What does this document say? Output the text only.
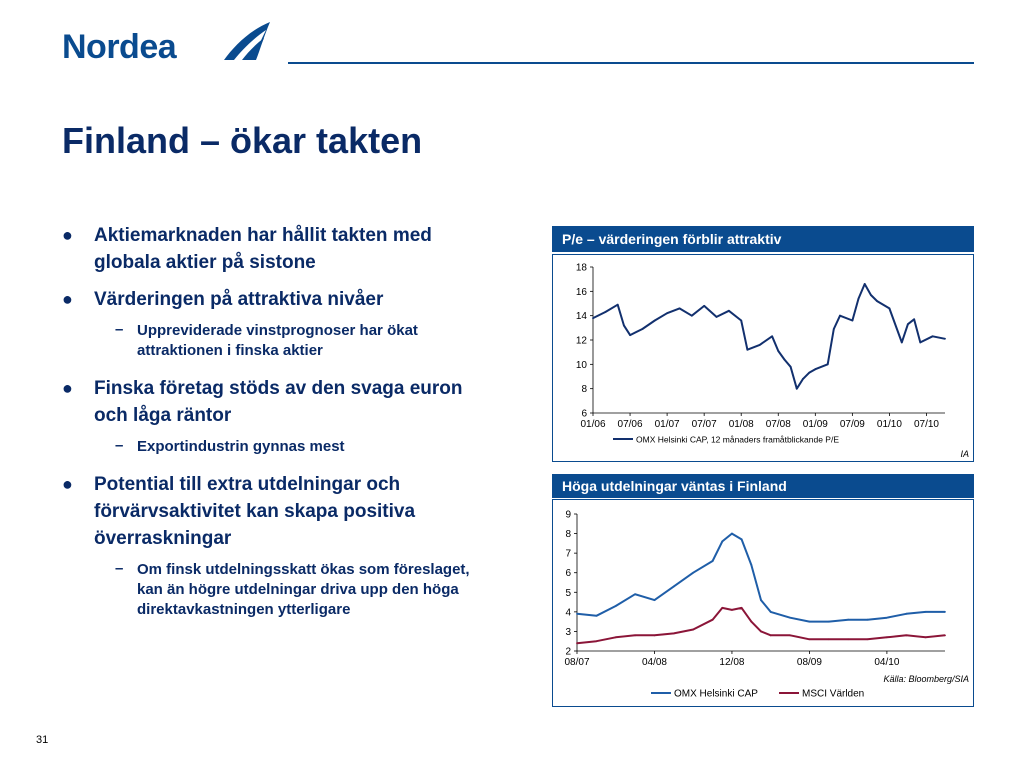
Nordea
Finland – ökar takten
● Aktiemarknaden har hållit takten med globala aktier på sistone
● Värderingen på attraktiva nivåer
– Uppreviderade vinstprognoser har ökat attraktionen i finska aktier
● Finska företag stöds av den svaga euron och låga räntor
– Exportindustrin gynnas mest
● Potential till extra utdelningar och förvärvsaktivitet kan skapa positiva överraskningar
– Om finsk utdelningsskatt ökas som föreslaget, kan än högre utdelningar driva upp den höga direktavkastningen ytterligare
P/e – värderingen förblir attraktiv
6
8
10
12
14
16
18
01/06 07/06 01/07 07/07 01/08 07/08 01/09 07/09 01/10 07/10
OMX Helsinki CAP, 12 månaders framåtblickande P/E
IA
Höga utdelningar väntas i Finland
2
3
4
5
6
7
8
9
08/07	04/08	12/08	08/09	04/10
OMX Helsinki CAP	MSCI Världen
Källa: Bloomberg/SIA
31
